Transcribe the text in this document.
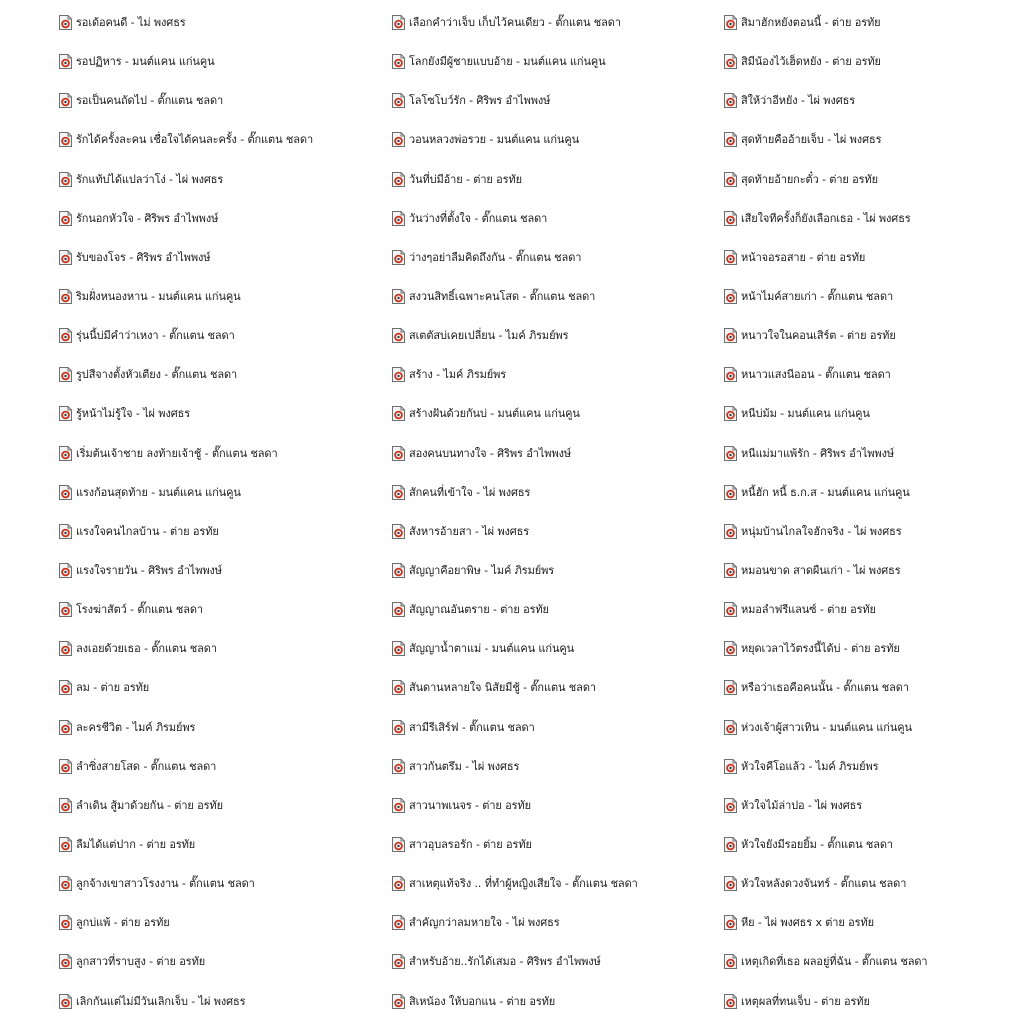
รอเด้อคนดี - ไม่ พงศธร
รอปฏิหาร - มนต์แคน แก่นคูน
รอเป็นคนถัดไป - ตั๊กแตน ชลดา
รักได้ครั้งละคน เชื่อใจได้คนละครั้ง - ตั๊กแตน ชลดา
รักแท้บ่ได้แปลว่าโง่ - ไผ่ พงศธร
รักนอกหัวใจ - ศิริพร อำไพพงษ์
รับของโจร - ศิริพร อำไพพงษ์
ริมฝั่งหนองหาน - มนต์แคน แก่นคูน
รุ่นนี้บ่มีคำว่าเหงา - ตั๊กแตน ชลดา
รูปสีจางตั้งหัวเตียง - ตั๊กแตน ชลดา
รู้หน้าไม่รู้ใจ - ไผ่ พงศธร
เริ่มต้นเจ้าชาย ลงท้ายเจ้าชู้ - ตั๊กแตน ชลดา
แรงก้อนสุดท้าย - มนต์แคน แก่นคูน
แรงใจคนไกลบ้าน - ต่าย อรทัย
แรงใจรายวัน - ศิริพร อำไพพงษ์
โรงฆ่าสัตว์ - ตั๊กแตน ชลดา
ลงเอยด้วยเธอ - ตั๊กแตน ชลดา
ลม - ต่าย อรทัย
ละครชีวิต - ไมค์ ภิรมย์พร
ลำซิ่งสายโสด - ตั๊กแตน ชลดา
ลำเดิน สู้มาด้วยกัน - ต่าย อรทัย
ลืมได้แต่ปาก - ต่าย อรทัย
ลูกจ้างเขาสาวโรงงาน - ตั๊กแตน ชลดา
ลูกบ่แพ้ - ต่าย อรทัย
ลูกสาวที่ราบสูง - ต่าย อรทัย
เลิกกันแต่ไม่มีวันเลิกเจ็บ - ไผ่ พงศธร
เลือกคำว่าเจ็บ เก็บไว้คนเดียว - ตั๊กแตน ชลดา
โลกยังมีผู้ชายแบบอ้าย - มนต์แคน แก่นคูน
โลโซโบว์รัก - ศิริพร อำไพพงษ์
วอนหลวงพ่อรวย - มนต์แคน แก่นคูน
วันที่บ่มีอ้าย - ต่าย อรทัย
วันว่างที่ตั้งใจ - ตั๊กแตน ชลดา
ว่างๆอย่าลืมคิดถึงกัน - ตั๊กแตน ชลดา
สงวนสิทธิ์เฉพาะคนโสด - ตั๊กแตน ชลดา
สเตตัสบ่เคยเปลี่ยน - ไมค์ ภิรมย์พร
สร้าง - ไมค์ ภิรมย์พร
สร้างฝันด้วยกันบ่ - มนต์แคน แก่นคูน
สองคนบนทางใจ - ศิริพร อำไพพงษ์
สักคนที่เข้าใจ - ไผ่ พงศธร
สังหารอ้ายสา - ไผ่ พงศธร
สัญญาคือยาพิษ - ไมค์ ภิรมย์พร
สัญญาณอันตราย - ต่าย อรทัย
สัญญาน้ำตาแม่ - มนต์แคน แก่นคูน
สันดานหลายใจ นิสัยมีชู้ - ตั๊กแตน ชลดา
สามีรีเสิร์ฟ - ตั๊กแตน ชลดา
สาวกันตรึม - ไผ่ พงศธร
สาวนาพเนจร - ต่าย อรทัย
สาวอุบลรอรัก - ต่าย อรทัย
สาเหตุแท้จริง .. ที่ทำผู้หญิงเสียใจ - ตั๊กแตน ชลดา
สำคัญกว่าลมหายใจ - ไผ่ พงศธร
สำหรับอ้าย..รักได้เสมอ - ศิริพร อำไพพงษ์
สิเหน้อง ให้บอกแน - ต่าย อรทัย
สิมาฮักหยังตอนนี้ - ต่าย อรทัย
สิมีน้องไว้เฮ็ดหยัง - ต่าย อรทัย
สิให้ว่าอีหยัง - ไผ่ พงศธร
สุดท้ายคืออ้ายเจ็บ - ไผ่ พงศธร
สุดท้ายอ้ายกะตั๋ว - ต่าย อรทัย
เสียใจทีครั้งก็ยังเลือกเธอ - ไผ่ พงศธร
หน้าจอรอสาย - ต่าย อรทัย
หน้าไมค์สายเก่า - ตั๊กแตน ชลดา
หนาวใจในคอนเสิร์ต - ต่าย อรทัย
หนาวแสงนีออน - ตั๊กแตน ชลดา
หนีบ่ม้ม - มนต์แคน แก่นคูน
หนีแม่มาแพ้รัก - ศิริพร อำไพพงษ์
หนี้ฮัก หนี้ ธ.ก.ส - มนต์แคน แก่นคูน
หนุ่มบ้านไกลใจฮักจริง - ไผ่ พงศธร
หมอนขาด สาดผืนเก่า - ไผ่ พงศธร
หมอลำฟรีแลนซ์ - ต่าย อรทัย
หยุดเวลาไว้ตรงนี้ได้บ่ - ต่าย อรทัย
หรือว่าเธอคือคนนั้น - ตั๊กแตน ชลดา
ห่วงเจ้าผู้สาวเทิน - มนต์แคน แก่นคูน
หัวใจคีโอแล้ว - ไมค์ ภิรมย์พร
หัวใจไม้ล่าปอ - ไผ่ พงศธร
หัวใจยังมีรอยยิ้ม - ตั๊กแตน ชลดา
หัวใจหลังดวงจันทร์ - ตั๊กแตน ชลดา
หีย - ไผ่ พงศธร x ต่าย อรทัย
เหตุเกิดที่เธอ ผลอยู่ที่ฉัน - ตั๊กแตน ชลดา
เหตุผลที่ทนเจ็บ - ต่าย อรทัย
